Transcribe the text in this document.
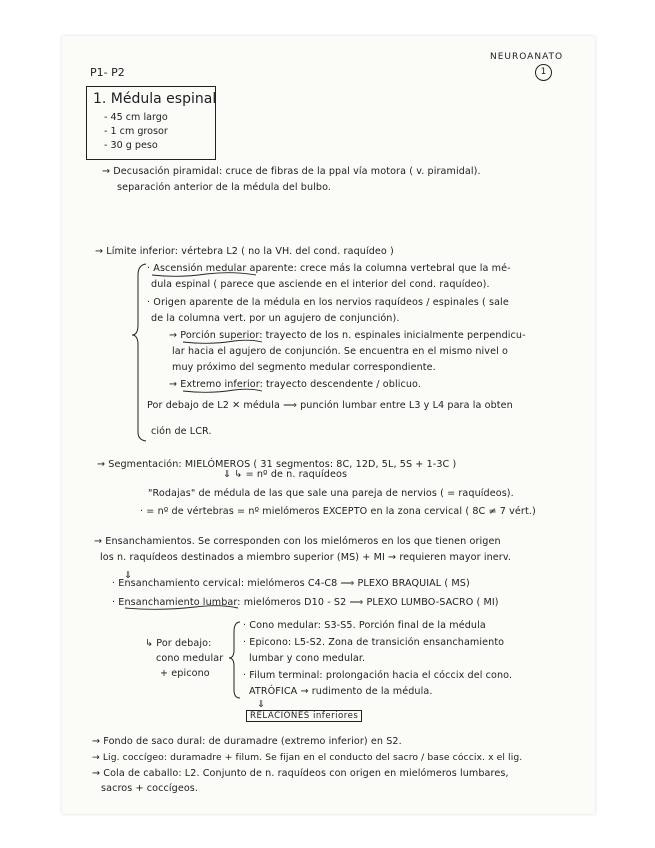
P1- P2
NEUROANATO
1
1. Médula espinal
- 45 cm largo
- 1 cm grosor
- 30 g peso
→ Decusación piramidal: cruce de fibras de la ppal vía motora ( v. piramidal).
separación anterior de la médula del bulbo.
→ Límite inferior: vértebra L2 ( no la VH. del cond. raquídeo )
· Ascensión medular aparente: crece más la columna vertebral que la mé-
dula espinal ( parece que asciende en el interior del cond. raquídeo).
· Origen aparente de la médula en los nervios raquídeos / espinales ( sale
de la columna vert. por un agujero de conjunción).
→ Porción superior: trayecto de los n. espinales inicialmente perpendicu-
lar hacia el agujero de conjunción. Se encuentra en el mismo nivel o
muy próximo del segmento medular correspondiente.
→ Extremo inferior: trayecto descendente / oblicuo.
Por debajo de L2 ✕ médula ⟹ punción lumbar entre L3 y L4 para la obten
ción de LCR.
→ Segmentación: MIELÓMEROS ( 31 segmentos: 8C, 12D, 5L, 5S + 1-3C )
⇓ ↳ = nº de n. raquídeos
"Rodajas" de médula de las que sale una pareja de nervios ( = raquídeos).
· = nº de vértebras = nº mielómeros EXCEPTO en la zona cervical ( 8C ≠ 7 vért.)
→ Ensanchamientos. Se corresponden con los mielómeros en los que tienen origen
los n. raquídeos destinados a miembro superior (MS) + MI → requieren mayor inerv.
⇓
· Ensanchamiento cervical: mielómeros C4-C8 ⟹ PLEXO BRAQUIAL ( MS)
· Ensanchamiento lumbar: mielómeros D10 - S2 ⟹ PLEXO LUMBO-SACRO ( MI)
↳ Por debajo:
cono medular
+ epicono
· Cono medular: S3-S5. Porción final de la médula
· Epicono: L5-S2. Zona de transición ensanchamiento
lumbar y cono medular.
· Filum terminal: prolongación hacia el cóccix del cono.
ATRÓFICA → rudimento de la médula.
⇓
RELACIONES inferiores
→ Fondo de saco dural: de duramadre (extremo inferior) en S2.
→ Lig. coccígeo: duramadre + filum. Se fijan en el conducto del sacro / base cóccix. x el lig.
→ Cola de caballo: L2. Conjunto de n. raquídeos con origen en mielómeros lumbares,
sacros + coccígeos.
